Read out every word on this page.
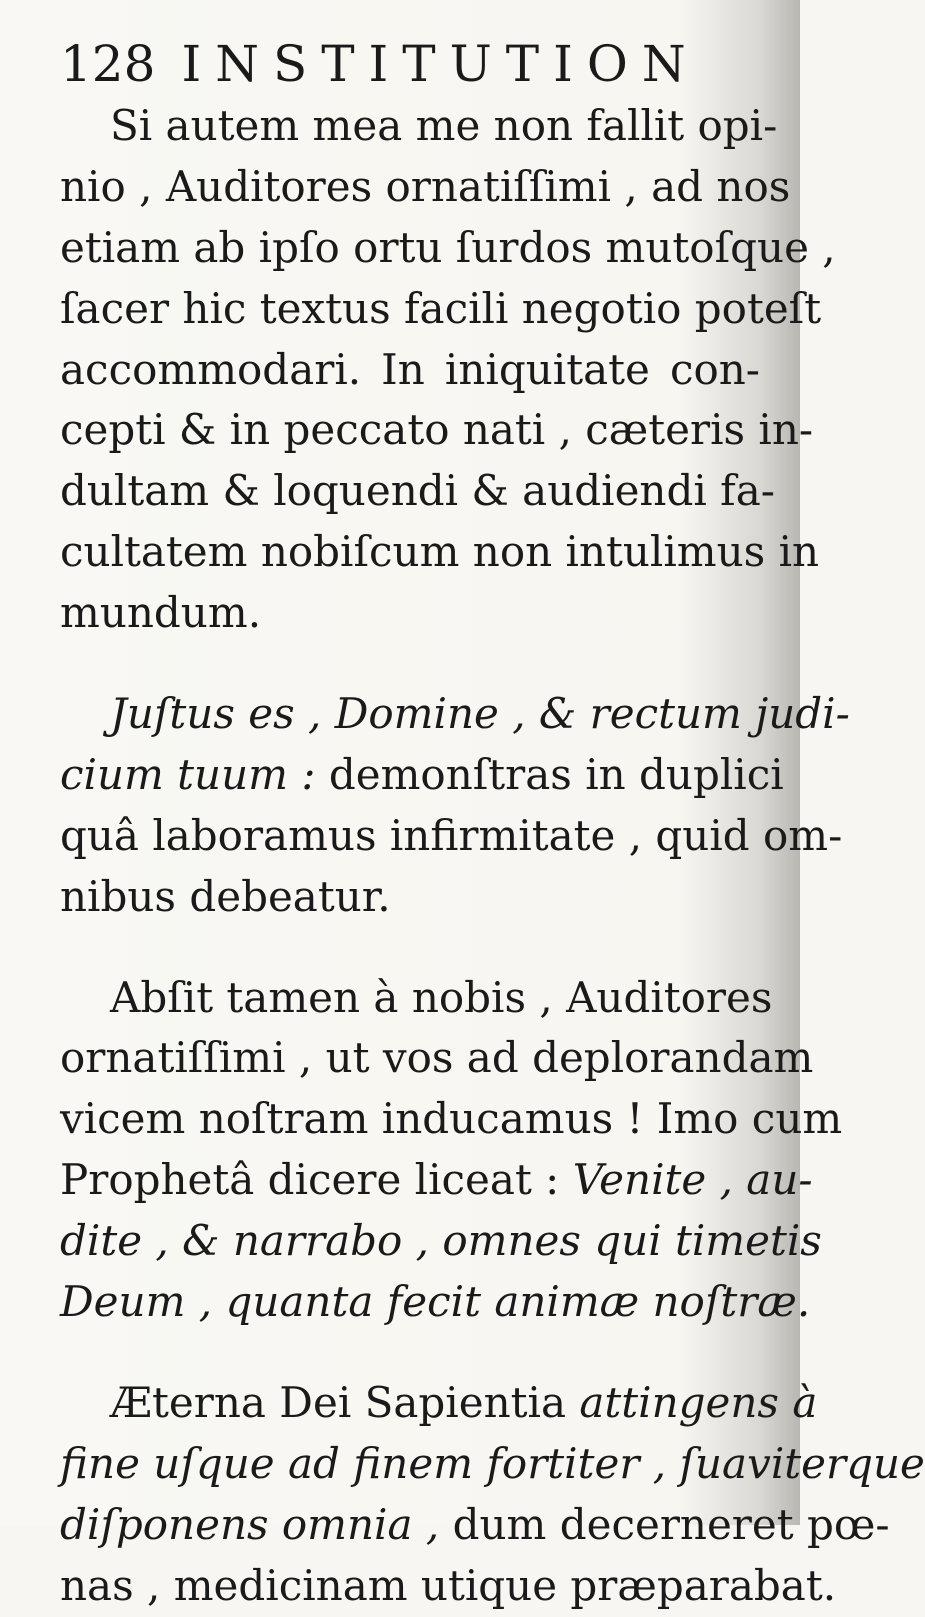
128 INSTITUTION
Si autem mea me non fallit opi-
nio , Auditores ornatiſſimi , ad nos
etiam ab ipſo ortu ſurdos mutoſque ,
ſacer hic textus facili negotio poteſt
accommodari. In iniquitate con-
cepti & in peccato nati , cæteris in-
dultam & loquendi & audiendi fa-
cultatem nobiſcum non intulimus in
mundum.
Juſtus es , Domine , & rectum judi-
cium tuum : demonſtras in duplici
quâ laboramus infirmitate , quid om-
nibus debeatur.
Abſit tamen à nobis , Auditores
ornatiſſimi , ut vos ad deplorandam
vicem noſtram inducamus ! Imo cum
Prophetâ dicere liceat : Venite , au-
dite , & narrabo , omnes qui timetis
Deum , quanta fecit animæ noſtræ.
Æterna Dei Sapientia attingens à
fine uſque ad finem fortiter , ſuaviterque
diſponens omnia , dum decerneret pœ-
nas , medicinam utique præparabat.
